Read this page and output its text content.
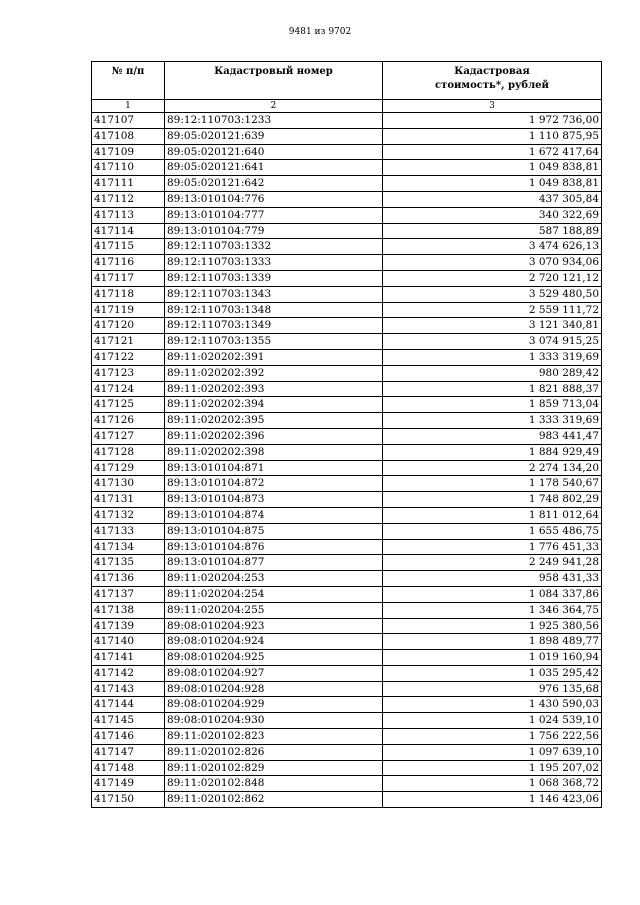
9481 из 9702
№ п/п	Кадастровый номер	Кадастровая стоимость*, рублей
1	2	3
417107	89:12:110703:1233	1 972 736,00
417108	89:05:020121:639	1 110 875,95
417109	89:05:020121:640	1 672 417,64
417110	89:05:020121:641	1 049 838,81
417111	89:05:020121:642	1 049 838,81
417112	89:13:010104:776	437 305,84
417113	89:13:010104:777	340 322,69
417114	89:13:010104:779	587 188,89
417115	89:12:110703:1332	3 474 626,13
417116	89:12:110703:1333	3 070 934,06
417117	89:12:110703:1339	2 720 121,12
417118	89:12:110703:1343	3 529 480,50
417119	89:12:110703:1348	2 559 111,72
417120	89:12:110703:1349	3 121 340,81
417121	89:12:110703:1355	3 074 915,25
417122	89:11:020202:391	1 333 319,69
417123	89:11:020202:392	980 289,42
417124	89:11:020202:393	1 821 888,37
417125	89:11:020202:394	1 859 713,04
417126	89:11:020202:395	1 333 319,69
417127	89:11:020202:396	983 441,47
417128	89:11:020202:398	1 884 929,49
417129	89:13:010104:871	2 274 134,20
417130	89:13:010104:872	1 178 540,67
417131	89:13:010104:873	1 748 802,29
417132	89:13:010104:874	1 811 012,64
417133	89:13:010104:875	1 655 486,75
417134	89:13:010104:876	1 776 451,33
417135	89:13:010104:877	2 249 941,28
417136	89:11:020204:253	958 431,33
417137	89:11:020204:254	1 084 337,86
417138	89:11:020204:255	1 346 364,75
417139	89:08:010204:923	1 925 380,56
417140	89:08:010204:924	1 898 489,77
417141	89:08:010204:925	1 019 160,94
417142	89:08:010204:927	1 035 295,42
417143	89:08:010204:928	976 135,68
417144	89:08:010204:929	1 430 590,03
417145	89:08:010204:930	1 024 539,10
417146	89:11:020102:823	1 756 222,56
417147	89:11:020102:826	1 097 639,10
417148	89:11:020102:829	1 195 207,02
417149	89:11:020102:848	1 068 368,72
417150	89:11:020102:862	1 146 423,06
